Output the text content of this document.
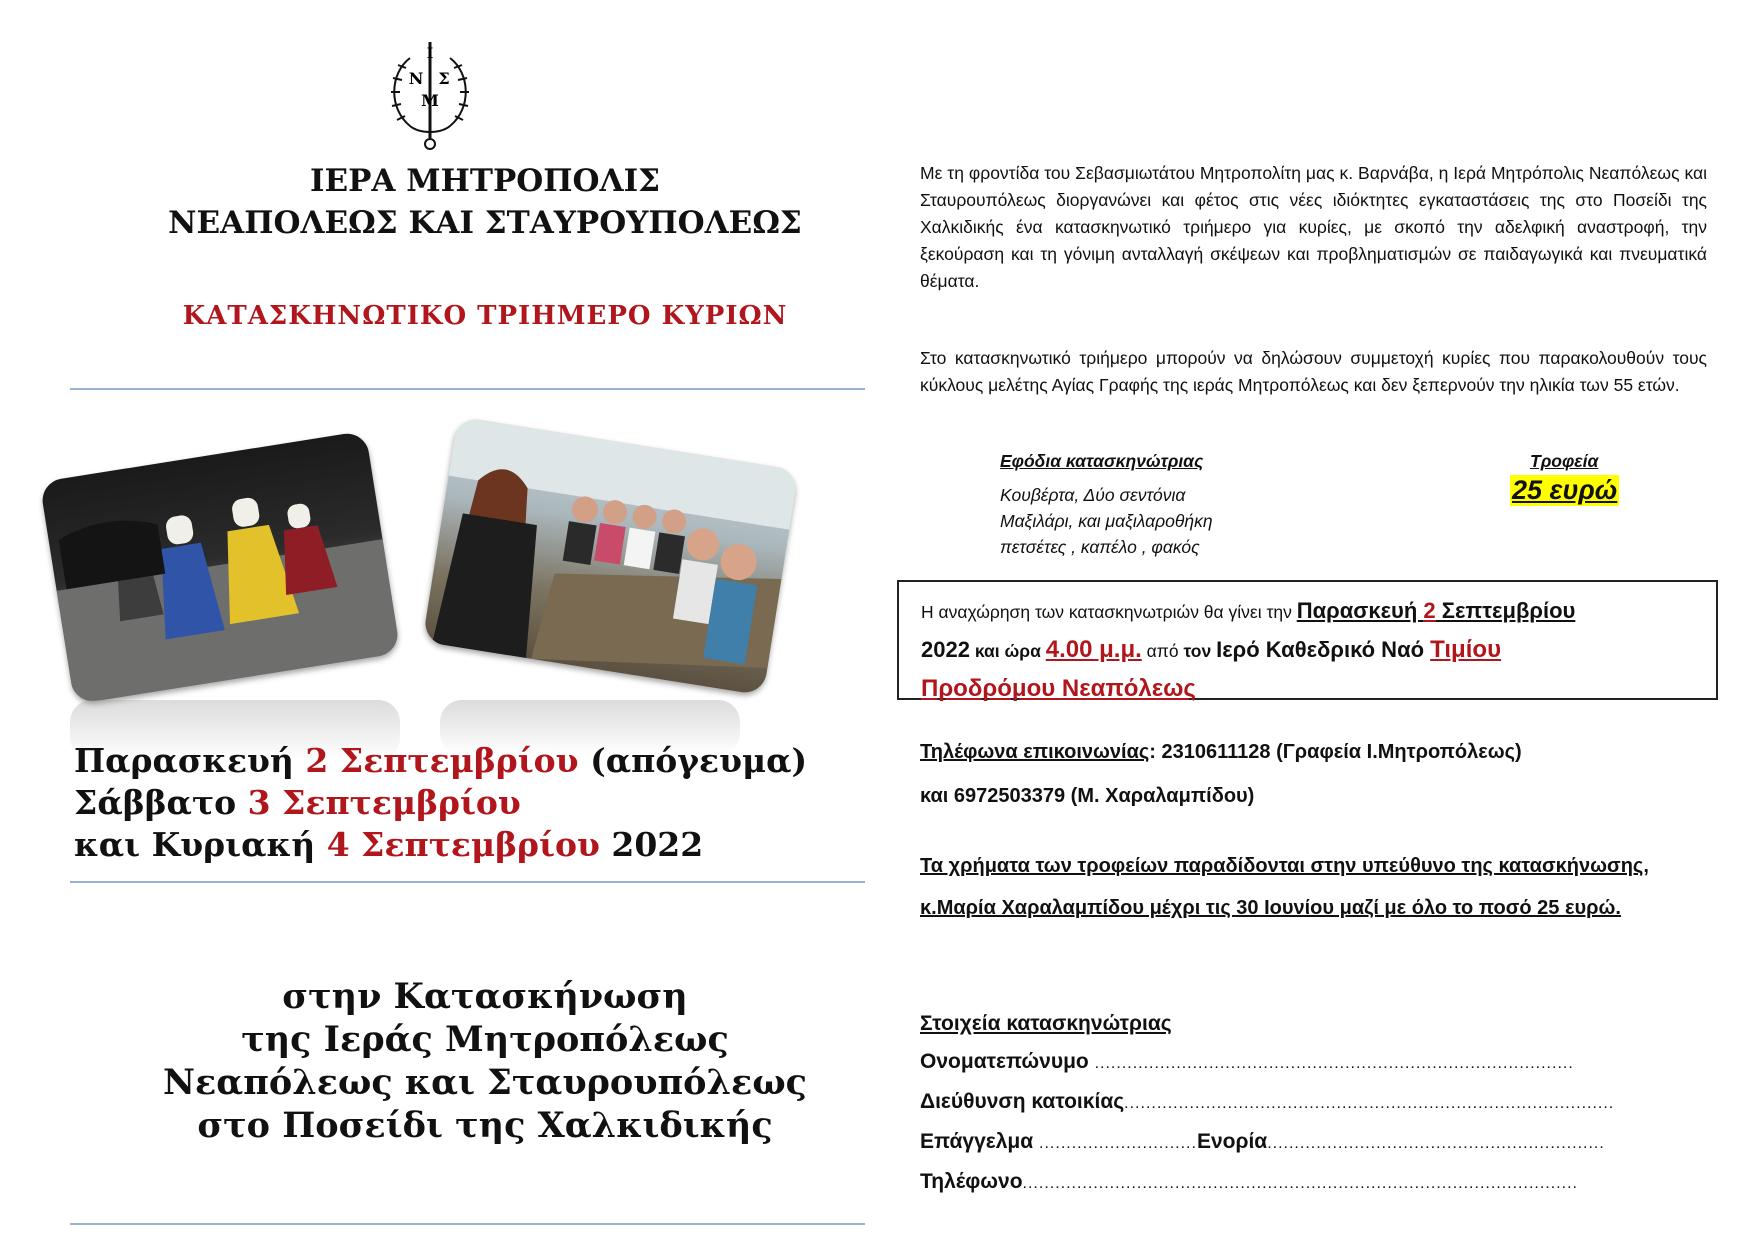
Ι
Ν Σ
Μ
ΙΕΡΑ ΜΗΤΡΟΠΟΛΙΣ
ΝΕΑΠΟΛΕΩΣ ΚΑΙ ΣΤΑΥΡΟΥΠΟΛΕΩΣ
ΚΑΤΑΣΚΗΝΩΤΙΚΟ ΤΡΙΗΜΕΡΟ ΚΥΡΙΩΝ
Παρασκευή 2 Σεπτεμβρίου (απόγευμα)
Σάββατο 3 Σεπτεμβρίου
και Κυριακή 4 Σεπτεμβρίου 2022
στην Κατασκήνωση
της Ιεράς Μητροπόλεως
Νεαπόλεως και Σταυρουπόλεως
στο Ποσείδι της Χαλκιδικής
Με τη φροντίδα του Σεβασμιωτάτου Μητροπολίτη μας κ. Βαρνάβα, η Ιερά Μητρόπολις Νεαπόλεως και Σταυρουπόλεως διοργανώνει και φέτος στις νέες ιδιόκτητες εγκαταστάσεις της στο Ποσείδι της Χαλκιδικής ένα κατασκηνωτικό τριήμερο για κυρίες, με σκοπό την αδελφική αναστροφή, την ξεκούραση και τη γόνιμη ανταλλαγή σκέψεων και προβληματισμών σε παιδαγωγικά και πνευματικά θέματα.
Στο κατασκηνωτικό τριήμερο μπορούν να δηλώσουν συμμετοχή κυρίες που παρακολουθούν τους κύκλους μελέτης Αγίας Γραφής της ιεράς Μητροπόλεως και δεν ξεπερνούν την ηλικία των 55 ετών.
Εφόδια κατασκηνώτριας
Κουβέρτα, Δύο σεντόνια
Μαξιλάρι, και μαξιλαροθήκη
πετσέτες , καπέλο , φακός
Τροφεία
25 ευρώ
Η αναχώρηση των κατασκηνωτριών θα γίνει την Παρασκευή 2 Σεπτεμβρίου
2022 και ώρα 4.00 μ.μ. από τον Ιερό Καθεδρικό Ναό Τιμίου
Προδρόμου Νεαπόλεως
Τηλέφωνα επικοινωνίας: 2310611128 (Γραφεία Ι.Μητροπόλεως)
και 6972503379 (Μ. Χαραλαμπίδου)
Τα χρήματα των τροφείων παραδίδονται στην υπεύθυνο της κατασκήνωσης, κ.Μαρία Χαραλαμπίδου μέχρι τις 30 Ιουνίου μαζί με όλο το ποσό 25 ευρώ.
Στοιχεία κατασκηνώτριας
Ονοματεπώνυμο ........................................................................................
Διεύθυνση κατοικίας..........................................................................................
Επάγγελμα .............................Ενορία..............................................................
Τηλέφωνο......................................................................................................
